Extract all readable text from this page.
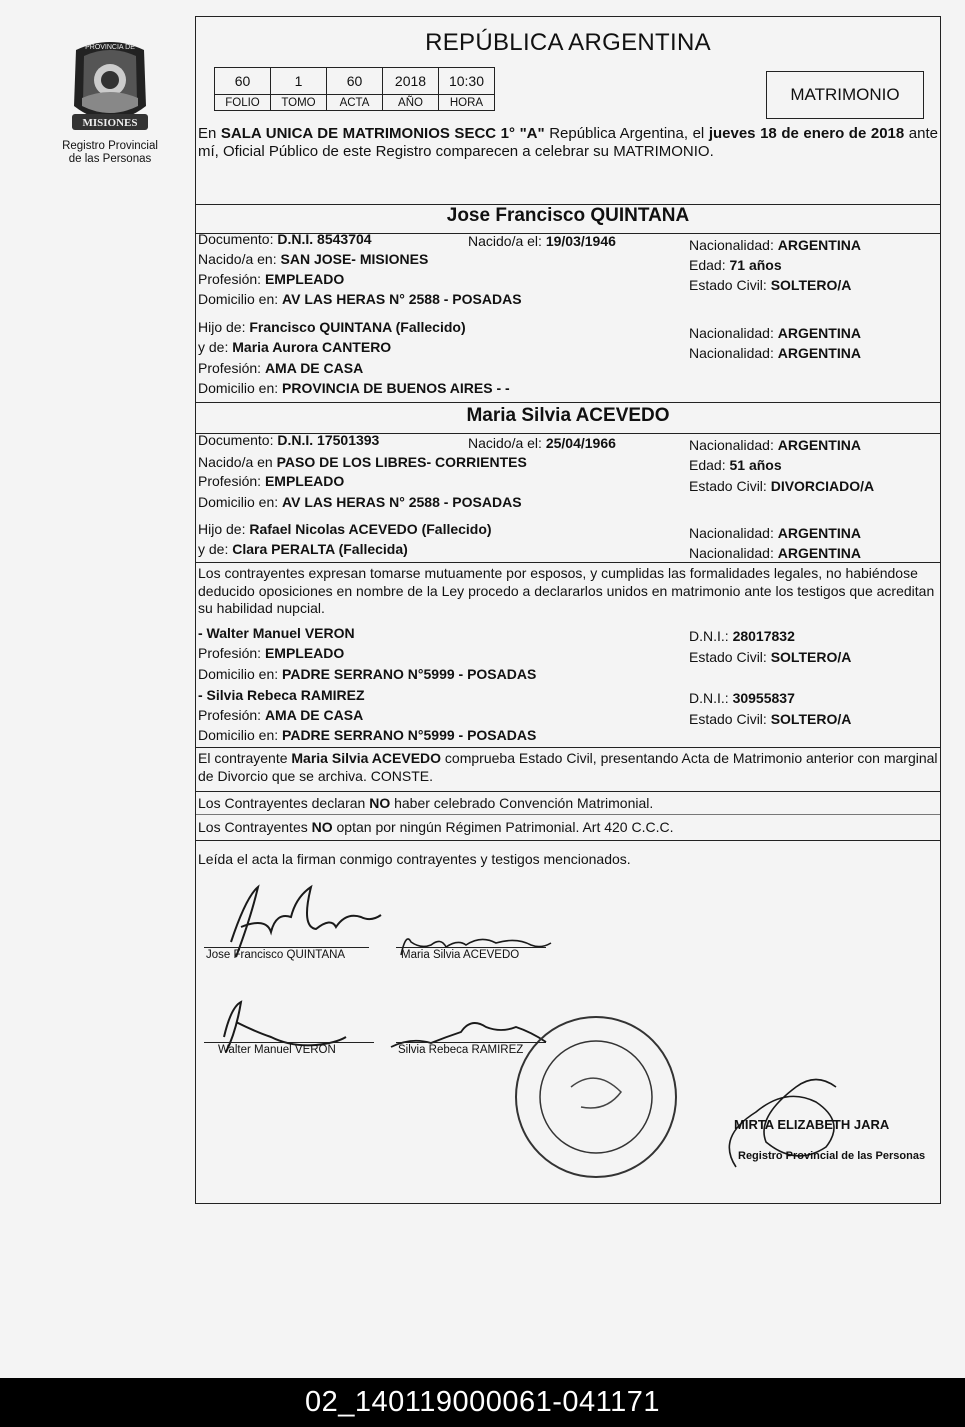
PROVINCIA DE
MISIONES
Registro Provincial
de las Personas
REPÚBLICA ARGENTINA
60	1	60	2018	10:30
FOLIO	TOMO	ACTA	AÑO	HORA	MATRIMONIO
En SALA UNICA DE MATRIMONIOS SECC 1° "A" República Argentina, el jueves 18 de enero de 2018 ante mí, Oficial Público de este Registro comparecen a celebrar su MATRIMONIO.
Jose Francisco QUINTANA
Documento: D.N.I. 8543704	Nacido/a el: 19/03/1946	Nacionalidad: ARGENTINA
Nacido/a en: SAN JOSE- MISIONES	Edad: 71 años
Profesión: EMPLEADO	Estado Civil: SOLTERO/A
Domicilio en: AV LAS HERAS N° 2588 - POSADAS
Hijo de: Francisco QUINTANA (Fallecido)	Nacionalidad: ARGENTINA
y de: Maria Aurora CANTERO	Nacionalidad: ARGENTINA
Profesión: AMA DE CASA
Domicilio en: PROVINCIA DE BUENOS AIRES - -
Maria Silvia ACEVEDO
Documento: D.N.I. 17501393	Nacido/a el: 25/04/1966	Nacionalidad: ARGENTINA
Nacido/a en PASO DE LOS LIBRES- CORRIENTES	Edad: 51 años
Profesión: EMPLEADO	Estado Civil: DIVORCIADO/A
Domicilio en: AV LAS HERAS N° 2588 - POSADAS
Hijo de: Rafael Nicolas ACEVEDO (Fallecido)	Nacionalidad: ARGENTINA
y de: Clara PERALTA (Fallecida)	Nacionalidad: ARGENTINA
Los contrayentes expresan tomarse mutuamente por esposos, y cumplidas las formalidades legales, no habiéndose deducido oposiciones en nombre de la Ley procedo a declararlos unidos en matrimonio ante los testigos que acreditan su habilidad nupcial.
- Walter Manuel VERON	D.N.I.: 28017832
Profesión: EMPLEADO	Estado Civil: SOLTERO/A
Domicilio en: PADRE SERRANO N°5999 - POSADAS
- Silvia Rebeca RAMIREZ	D.N.I.: 30955837
Profesión: AMA DE CASA	Estado Civil: SOLTERO/A
Domicilio en: PADRE SERRANO N°5999 - POSADAS
El contrayente Maria Silvia ACEVEDO comprueba Estado Civil, presentando Acta de Matrimonio anterior con marginal de Divorcio que se archiva. CONSTE.
Los Contrayentes declaran NO haber celebrado Convención Matrimonial.
Los Contrayentes NO optan por ningún Régimen Patrimonial. Art 420 C.C.C.
Leída el acta la firman conmigo contrayentes y testigos mencionados.
Jose Francisco QUINTANA	Maria Silvia ACEVEDO
Walter Manuel VERON	Silvia Rebeca RAMIREZ
MIRTA ELIZABETH JARA
Registro Provincial de las Personas
02_140119000061-041171
